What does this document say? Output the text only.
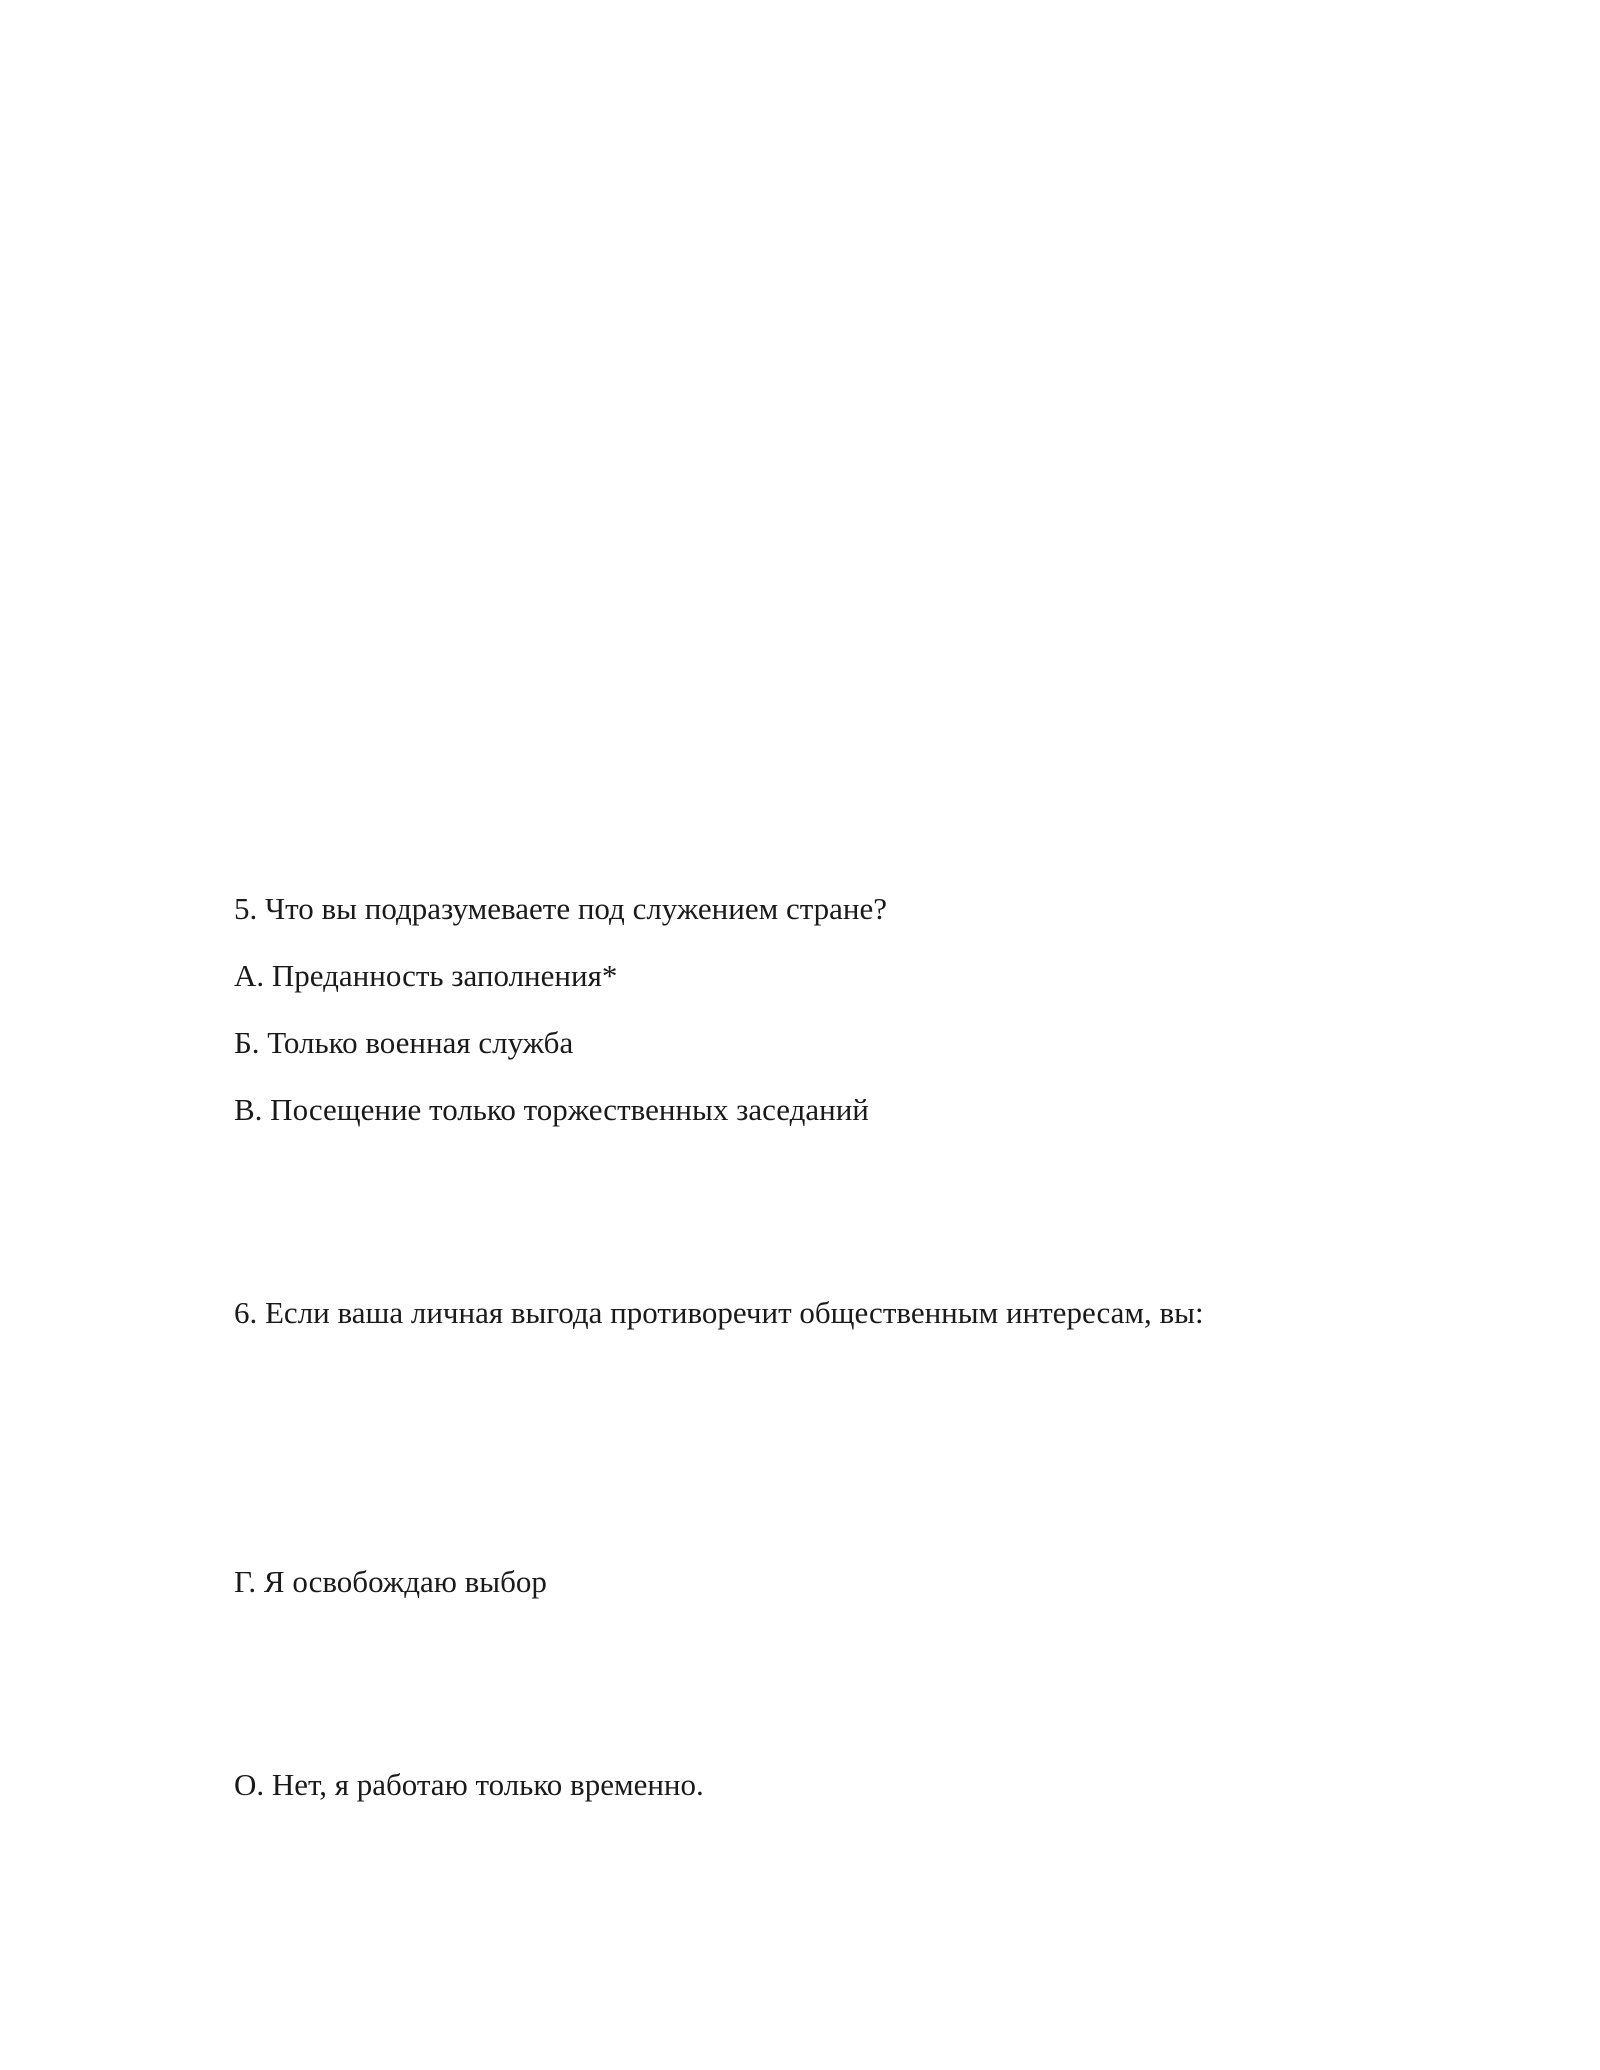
5. Что вы подразумеваете под служением стране?

А. Преданность заполнения*

Б. Только военная служба

В. Посещение только торжественных заседаний

6. Если ваша личная выгода противоречит общественным интересам, вы:

Г. Я освобождаю выбор

О. Нет, я работаю только временно.
